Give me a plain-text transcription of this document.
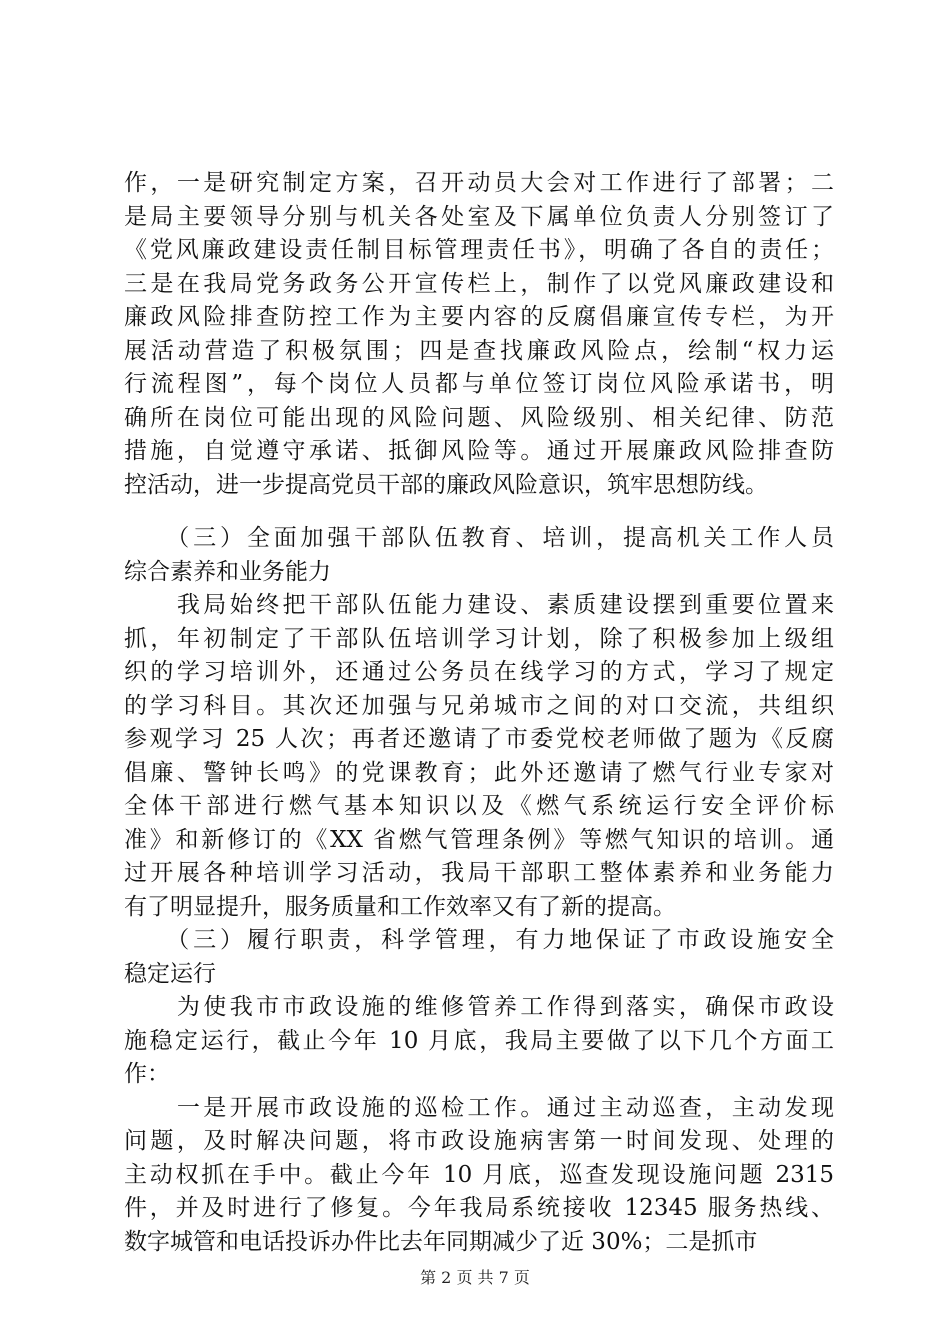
作，一是研究制定方案，召开动员大会对工作进行了部署；二
是局主要领导分别与机关各处室及下属单位负责人分别签订了
《党风廉政建设责任制目标管理责任书》，明确了各自的责任；
三是在我局党务政务公开宣传栏上，制作了以党风廉政建设和
廉政风险排查防控工作为主要内容的反腐倡廉宣传专栏，为开
展活动营造了积极氛围；四是查找廉政风险点，绘制“权力运
行流程图”，每个岗位人员都与单位签订岗位风险承诺书，明
确所在岗位可能出现的风险问题、风险级别、相关纪律、防范
措施，自觉遵守承诺、抵御风险等。通过开展廉政风险排查防
控活动，进一步提高党员干部的廉政风险意识，筑牢思想防线。
　　（三）全面加强干部队伍教育、培训，提高机关工作人员
综合素养和业务能力
　　我局始终把干部队伍能力建设、素质建设摆到重要位置来
抓，年初制定了干部队伍培训学习计划，除了积极参加上级组
织的学习培训外，还通过公务员在线学习的方式，学习了规定
的学习科目。其次还加强与兄弟城市之间的对口交流，共组织
参观学习 25 人次；再者还邀请了市委党校老师做了题为《反腐
倡廉、警钟长鸣》的党课教育；此外还邀请了燃气行业专家对
全体干部进行燃气基本知识以及《燃气系统运行安全评价标
准》和新修订的《XX 省燃气管理条例》等燃气知识的培训。通
过开展各种培训学习活动，我局干部职工整体素养和业务能力
有了明显提升，服务质量和工作效率又有了新的提高。
　　（三）履行职责，科学管理，有力地保证了市政设施安全
稳定运行
　　为使我市市政设施的维修管养工作得到落实，确保市政设
施稳定运行，截止今年 10 月底，我局主要做了以下几个方面工
作：
　　一是开展市政设施的巡检工作。通过主动巡查，主动发现
问题，及时解决问题，将市政设施病害第一时间发现、处理的
主动权抓在手中。截止今年 10 月底，巡查发现设施问题 2315
件，并及时进行了修复。今年我局系统接收 12345 服务热线、
数字城管和电话投诉办件比去年同期减少了近 30%；二是抓市
第 2 页 共 7 页
